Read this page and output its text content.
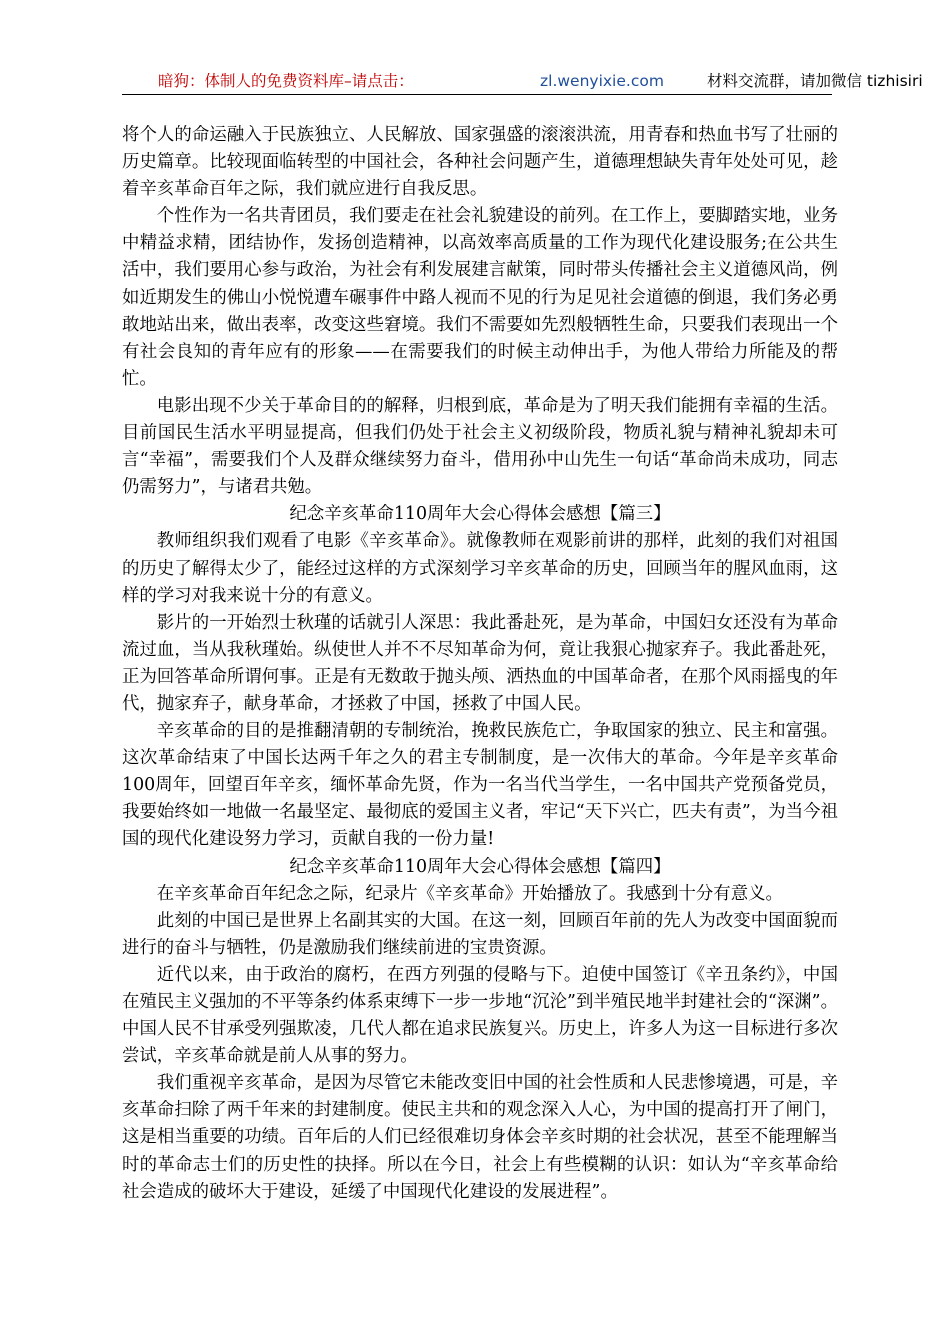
暗狗：体制人的免费资料库–请点击：	zl.wenyixie.com	材料交流群，请加微信 tizhisiri

将个人的命运融入于民族独立、人民解放、国家强盛的滚滚洪流，用青春和热血书写了壮丽的历史篇章。比较现面临转型的中国社会，各种社会问题产生，道德理想缺失青年处处可见，趁着辛亥革命百年之际，我们就应进行自我反思。

个性作为一名共青团员，我们要走在社会礼貌建设的前列。在工作上，要脚踏实地，业务中精益求精，团结协作，发扬创造精神，以高效率高质量的工作为现代化建设服务;在公共生活中，我们要用心参与政治，为社会有利发展建言献策，同时带头传播社会主义道德风尚，例如近期发生的佛山小悦悦遭车碾事件中路人视而不见的行为足见社会道德的倒退，我们务必勇敢地站出来，做出表率，改变这些窘境。我们不需要如先烈般牺牲生命，只要我们表现出一个有社会良知的青年应有的形象——在需要我们的时候主动伸出手，为他人带给力所能及的帮忙。

电影出现不少关于革命目的的解释，归根到底，革命是为了明天我们能拥有幸福的生活。目前国民生活水平明显提高，但我们仍处于社会主义初级阶段，物质礼貌与精神礼貌却未可言“幸福”，需要我们个人及群众继续努力奋斗，借用孙中山先生一句话“革命尚未成功，同志仍需努力”，与诸君共勉。

纪念辛亥革命110周年大会心得体会感想【篇三】

教师组织我们观看了电影《辛亥革命》。就像教师在观影前讲的那样，此刻的我们对祖国的历史了解得太少了，能经过这样的方式深刻学习辛亥革命的历史，回顾当年的腥风血雨，这样的学习对我来说十分的有意义。

影片的一开始烈士秋瑾的话就引人深思：我此番赴死，是为革命，中国妇女还没有为革命流过血，当从我秋瑾始。纵使世人并不不尽知革命为何，竟让我狠心抛家弃子。我此番赴死，正为回答革命所谓何事。正是有无数敢于抛头颅、洒热血的中国革命者，在那个风雨摇曳的年代，抛家弃子，献身革命，才拯救了中国，拯救了中国人民。

辛亥革命的目的是推翻清朝的专制统治，挽救民族危亡，争取国家的独立、民主和富强。这次革命结束了中国长达两千年之久的君主专制制度，是一次伟大的革命。今年是辛亥革命100周年，回望百年辛亥，缅怀革命先贤，作为一名当代当学生，一名中国共产党预备党员，我要始终如一地做一名最坚定、最彻底的爱国主义者，牢记“天下兴亡，匹夫有责”，为当今祖国的现代化建设努力学习，贡献自我的一份力量!

纪念辛亥革命110周年大会心得体会感想【篇四】

在辛亥革命百年纪念之际，纪录片《辛亥革命》开始播放了。我感到十分有意义。

此刻的中国已是世界上名副其实的大国。在这一刻，回顾百年前的先人为改变中国面貌而进行的奋斗与牺牲，仍是激励我们继续前进的宝贵资源。

近代以来，由于政治的腐朽，在西方列强的侵略与下。迫使中国签订《辛丑条约》，中国在殖民主义强加的不平等条约体系束缚下一步一步地“沉沦”到半殖民地半封建社会的“深渊”。中国人民不甘承受列强欺凌，几代人都在追求民族复兴。历史上，许多人为这一目标进行多次尝试，辛亥革命就是前人从事的努力。

我们重视辛亥革命，是因为尽管它未能改变旧中国的社会性质和人民悲惨境遇，可是，辛亥革命扫除了两千年来的封建制度。使民主共和的观念深入人心，为中国的提高打开了闸门，这是相当重要的功绩。百年后的人们已经很难切身体会辛亥时期的社会状况，甚至不能理解当时的革命志士们的历史性的抉择。所以在今日，社会上有些模糊的认识：如认为“辛亥革命给社会造成的破坏大于建设，延缓了中国现代化建设的发展进程”。
